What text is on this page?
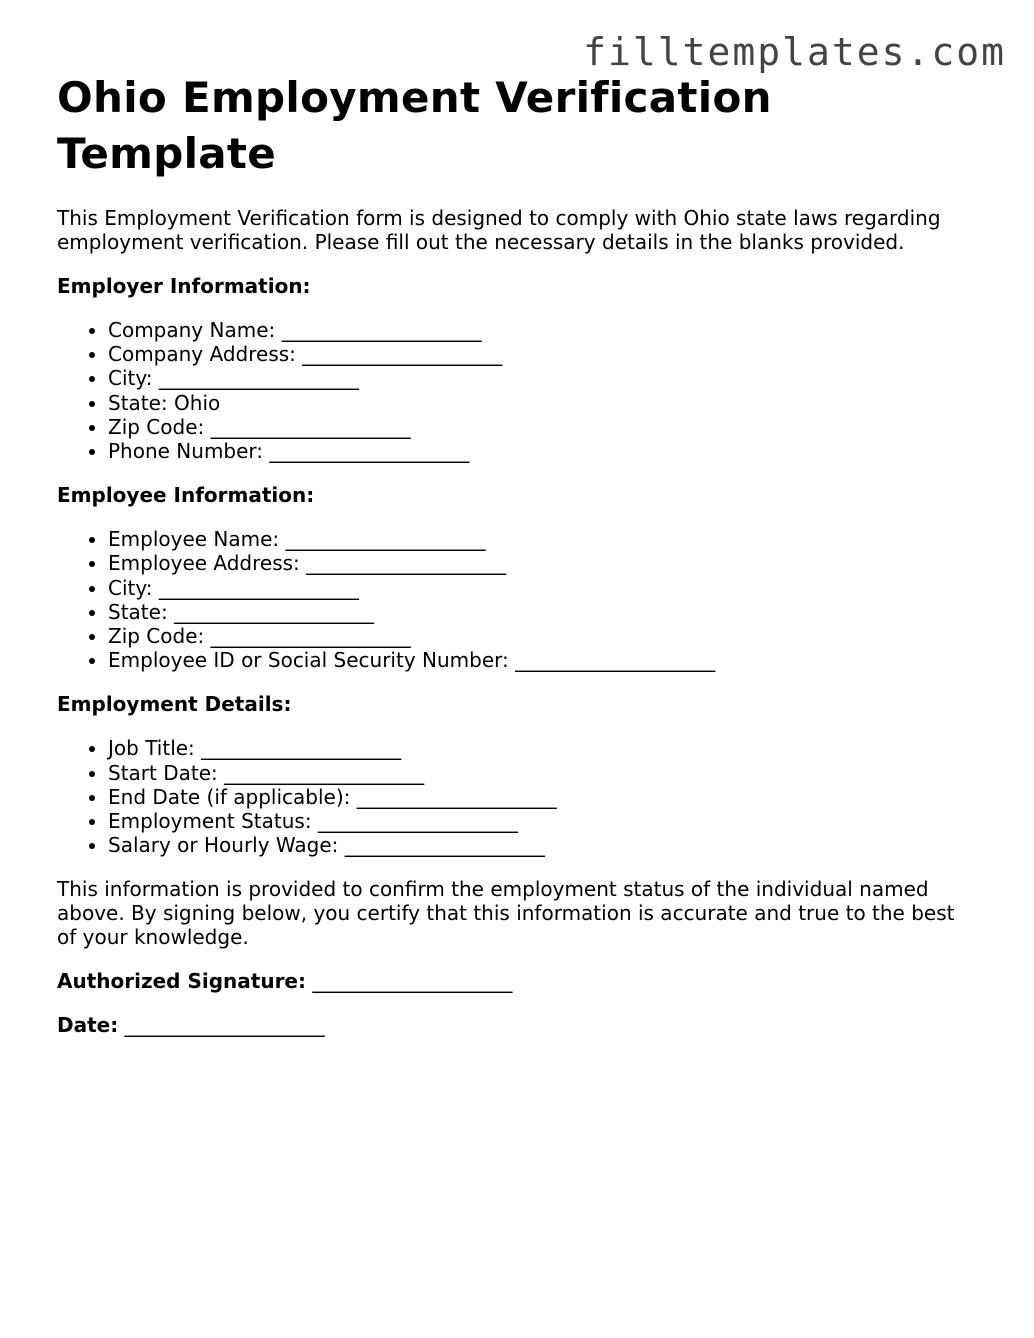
filltemplates.com
Ohio Employment Verification Template

This Employment Verification form is designed to comply with Ohio state laws regarding employment verification. Please fill out the necessary details in the blanks provided.

Employer Information:
• Company Name: ____________________
• Company Address: ____________________
• City: ____________________
• State: Ohio
• Zip Code: ____________________
• Phone Number: ____________________
Employee Information:
• Employee Name: ____________________
• Employee Address: ____________________
• City: ____________________
• State: ____________________
• Zip Code: ____________________
• Employee ID or Social Security Number: ____________________
Employment Details:
• Job Title: ____________________
• Start Date: ____________________
• End Date (if applicable): ____________________
• Employment Status: ____________________
• Salary or Hourly Wage: ____________________

This information is provided to confirm the employment status of the individual named above. By signing below, you certify that this information is accurate and true to the best of your knowledge.

Authorized Signature: ____________________
Date: ____________________
